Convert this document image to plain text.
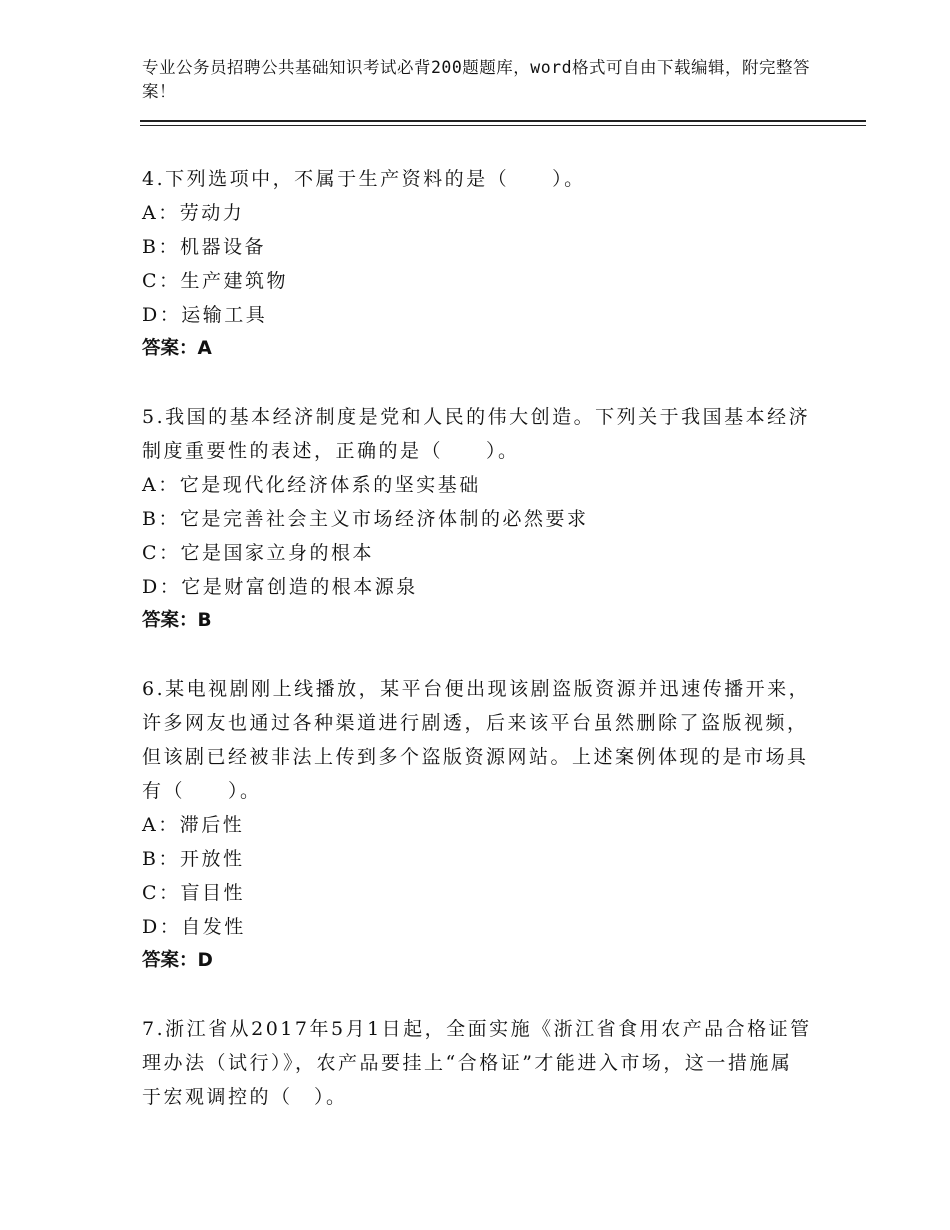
专业公务员招聘公共基础知识考试必背200题题库，word格式可自由下载编辑，附完整答案！
4.下列选项中，不属于生产资料的是（　　）。
A：劳动力
B：机器设备
C：生产建筑物
D：运输工具
答案：A
5.我国的基本经济制度是党和人民的伟大创造。下列关于我国基本经济制度重要性的表述，正确的是（　　）。
A：它是现代化经济体系的坚实基础
B：它是完善社会主义市场经济体制的必然要求
C：它是国家立身的根本
D：它是财富创造的根本源泉
答案：B
6.某电视剧刚上线播放，某平台便出现该剧盗版资源并迅速传播开来，许多网友也通过各种渠道进行剧透，后来该平台虽然删除了盗版视频，但该剧已经被非法上传到多个盗版资源网站。上述案例体现的是市场具有（　　）。
A：滞后性
B：开放性
C：盲目性
D：自发性
答案：D
7.浙江省从2017年5月1日起，全面实施《浙江省食用农产品合格证管理办法（试行）》，农产品要挂上“合格证”才能进入市场，这一措施属于宏观调控的（　）。
